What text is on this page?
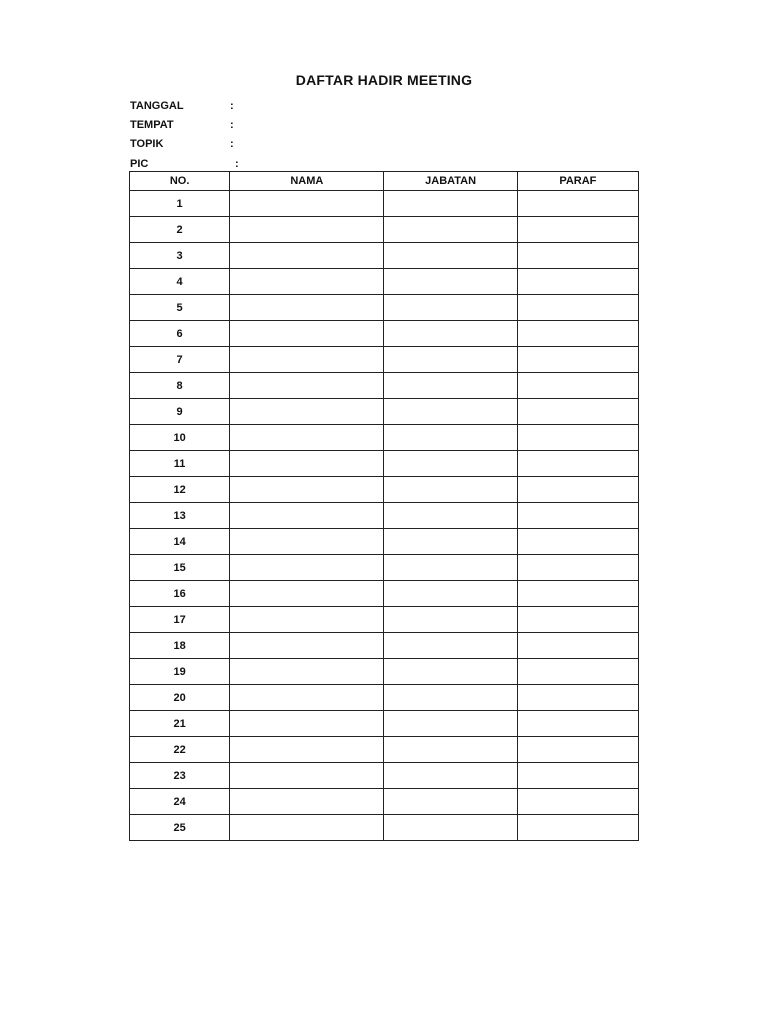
DAFTAR HADIR MEETING
TANGGAL	:
TEMPAT	:
TOPIK	:
PIC	:
NO.	NAMA	JABATAN	PARAF
1			
2			
3			
4			
5			
6			
7			
8			
9			
10			
11			
12			
13			
14			
15			
16			
17			
18			
19			
20			
21			
22			
23			
24			
25			
